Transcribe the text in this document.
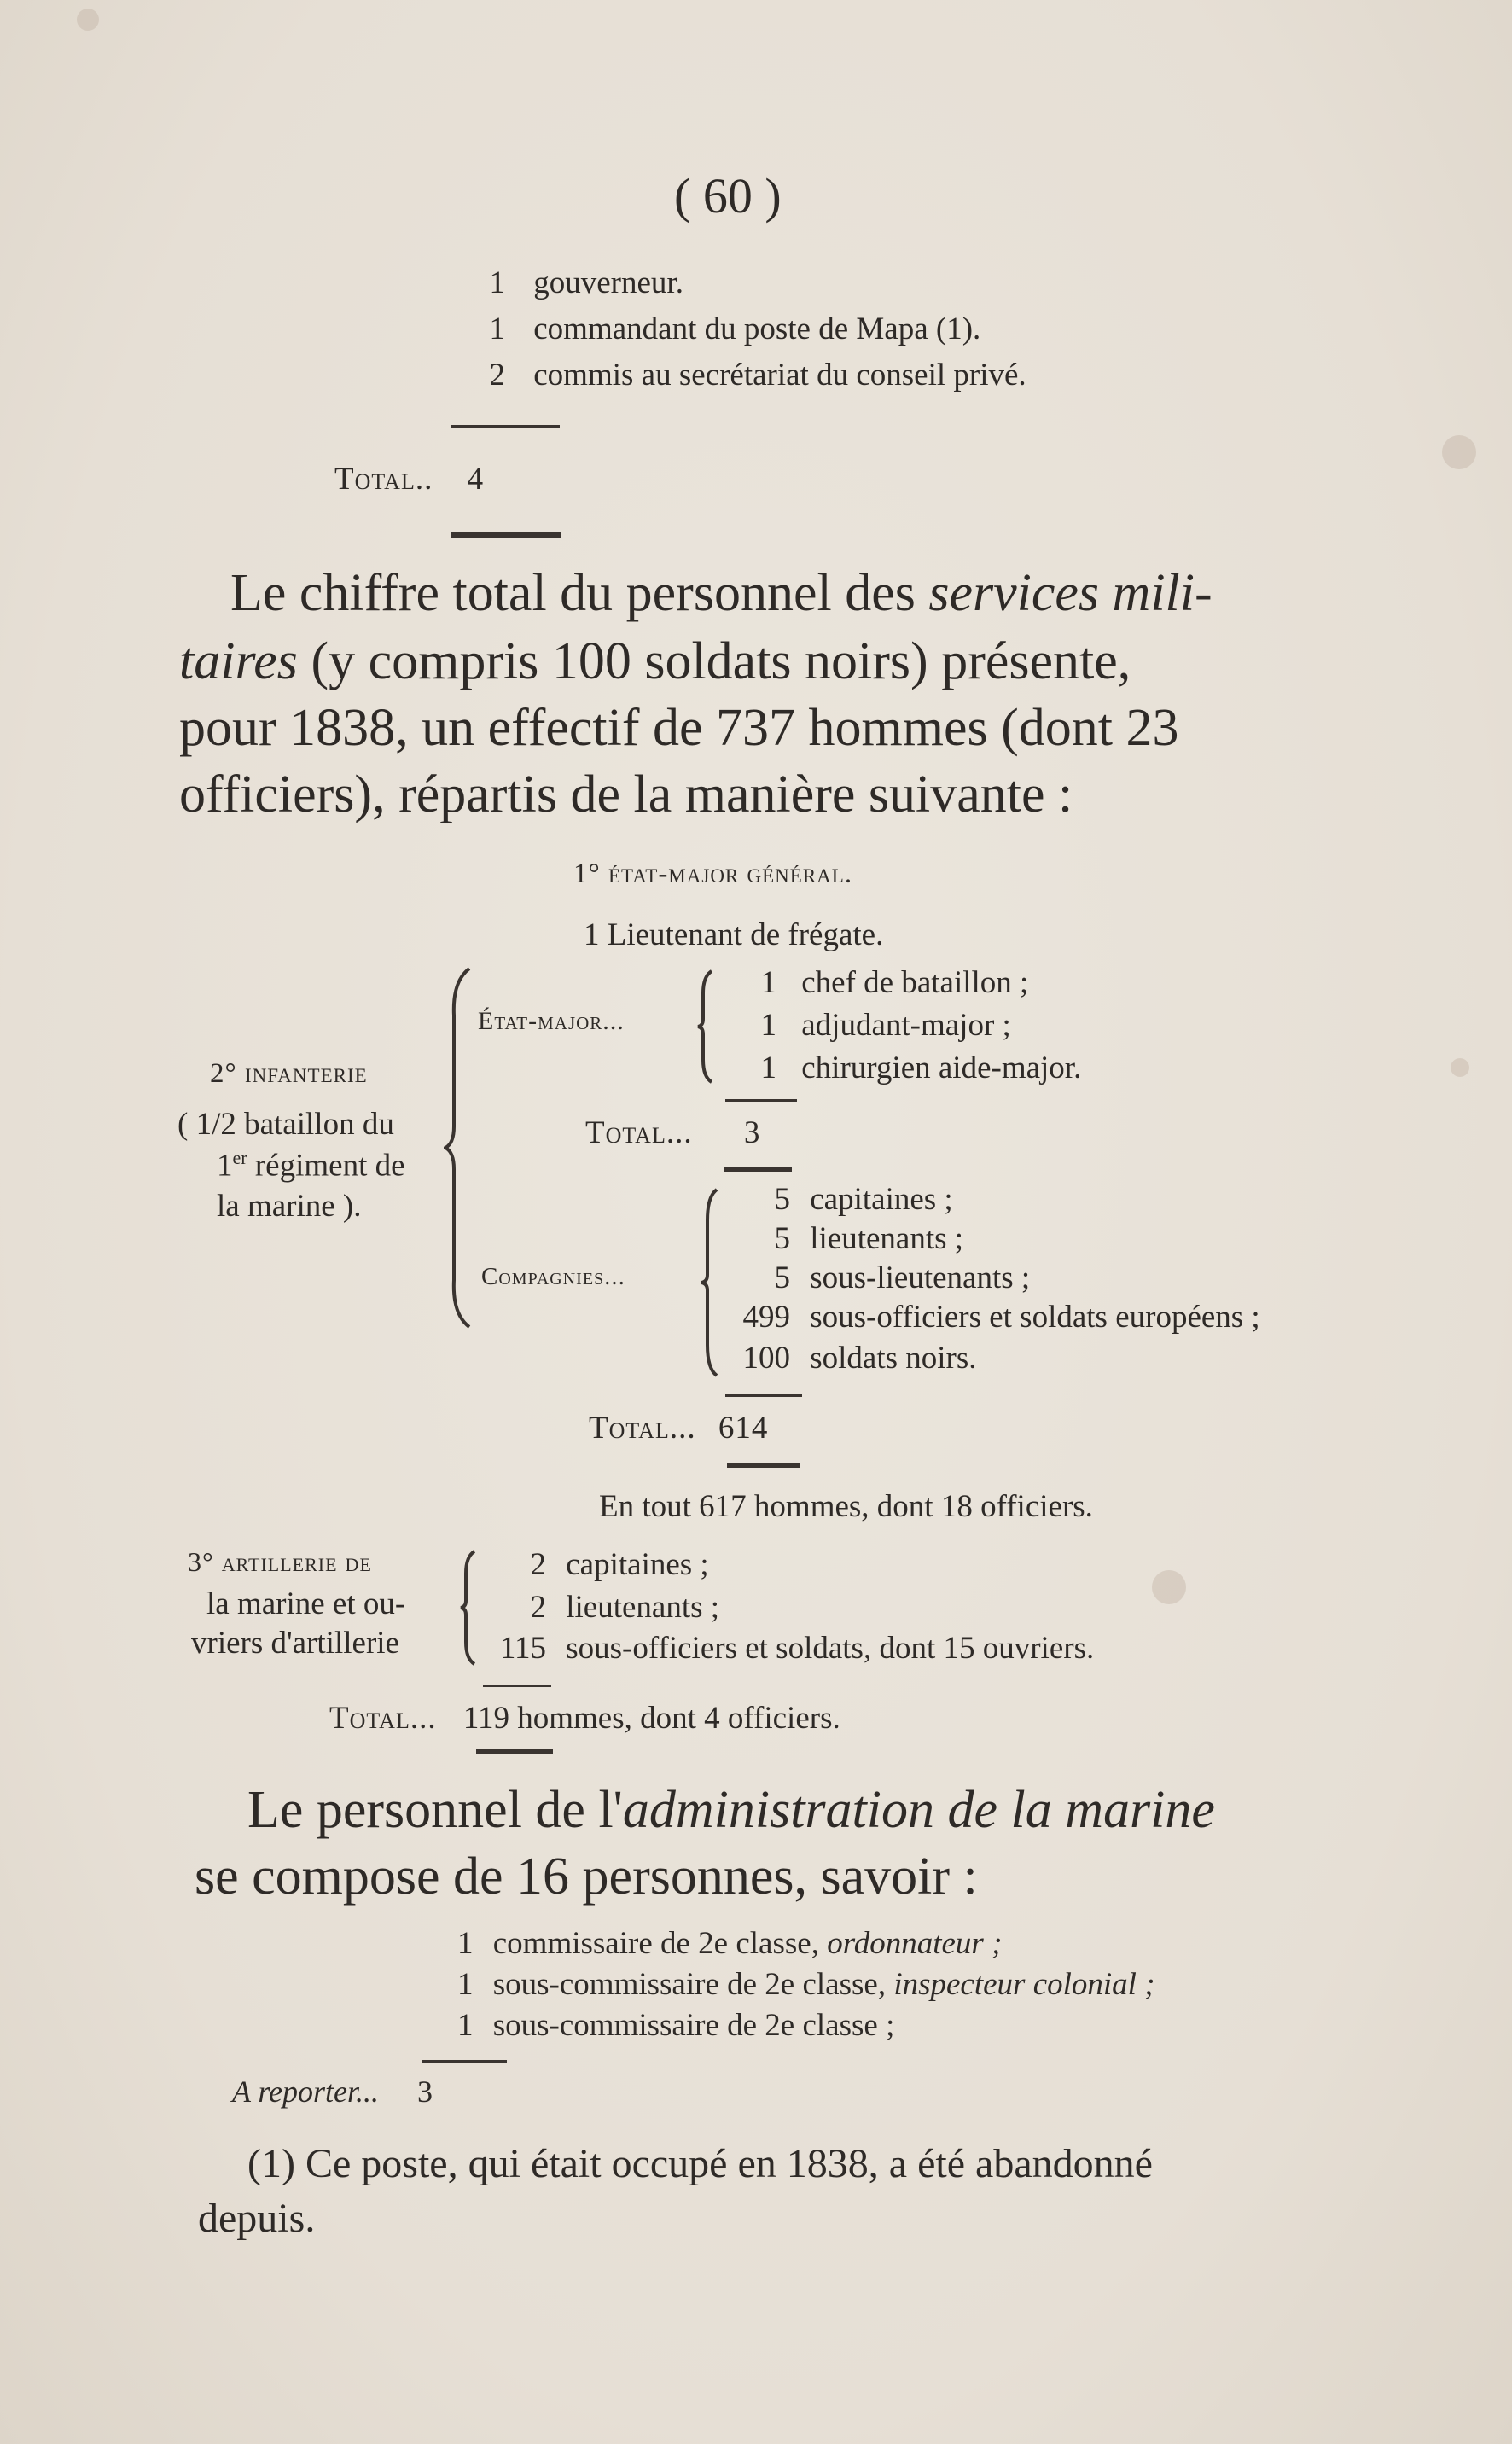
( 60 )
1 gouverneur.
1 commandant du poste de Mapa (1).
2 commis au secrétariat du conseil privé.
Total.. 4
Le chiffre total du personnel des services mili-
taires (y compris 100 soldats noirs) présente,
pour 1838, un effectif de 737 hommes (dont 23
officiers), répartis de la manière suivante :
1° état-major général.
1 Lieutenant de frégate.
2° infanterie
( 1/2 bataillon du
1er régiment de
la marine ).
État-major...
1 chef de bataillon ;
1 adjudant-major ;
1 chirurgien aide-major.
Total... 3
Compagnies...
5 capitaines ;
5 lieutenants ;
5 sous-lieutenants ;
499 sous-officiers et soldats européens ;
100 soldats noirs.
Total... 614
En tout 617 hommes, dont 18 officiers.
3° artillerie de
la marine et ou-
vriers d'artillerie
2 capitaines ;
2 lieutenants ;
115 sous-officiers et soldats, dont 15 ouvriers.
Total... 119 hommes, dont 4 officiers.
Le personnel de l'administration de la marine
se compose de 16 personnes, savoir :
1 commissaire de 2e classe, ordonnateur ;
1 sous-commissaire de 2e classe, inspecteur colonial ;
1 sous-commissaire de 2e classe ;
A reporter... 3
(1) Ce poste, qui était occupé en 1838, a été abandonné
depuis.
